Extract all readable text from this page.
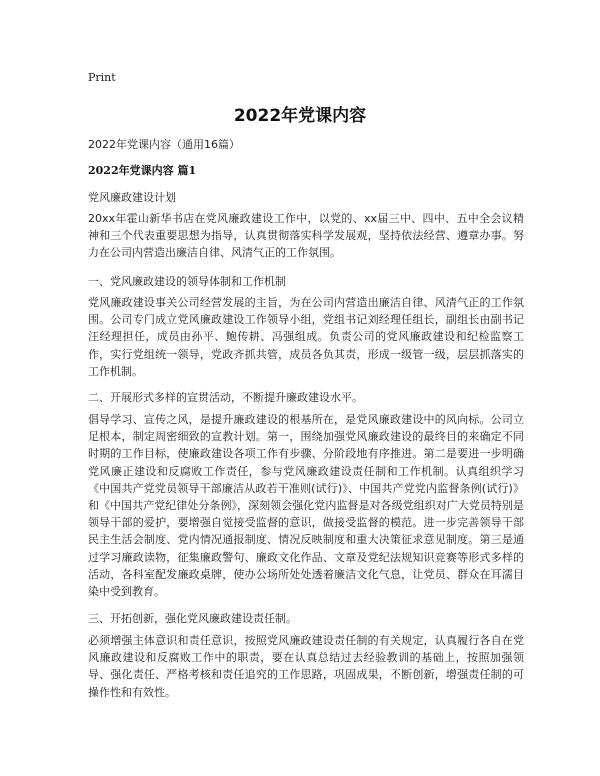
Print
2022年党课内容
2022年党课内容（通用16篇）
2022年党课内容 篇1
党风廉政建设计划
20xx年霍山新华书店在党风廉政建设工作中，以党的、xx届三中、四中、五中全会议精神和三个代表重要思想为指导，认真贯彻落实科学发展观，坚持依法经营、遵章办事。努力在公司内营造出廉洁自律、风清气正的工作氛围。
一、党风廉政建设的领导体制和工作机制
党风廉政建设事关公司经营发展的主旨，为在公司内营造出廉洁自律、风清气正的工作氛围。公司专门成立党风廉政建设工作领导小组，党组书记刘经理任组长，副组长由副书记汪经理担任，成员由孙平、鲍传耕、冯强组成。负责公司的党风廉政建设和纪检监察工作，实行党组统一领导，党政齐抓共管，成员各负其责，形成一级管一级，层层抓落实的工作机制。
二、开展形式多样的宣贯活动，不断提升廉政建设水平。
倡导学习、宣传之风，是提升廉政建设的根基所在，是党风廉政建设中的风向标。公司立足根本，制定周密细致的宣教计划。第一，围绕加强党风廉政建设的最终目的来确定不同时期的工作目标，使廉政建设各项工作有步骤、分阶段地有序推进。第二是要进一步明确党风廉正建设和反腐败工作责任，参与党风廉政建设责任制和工作机制。认真组织学习《中国共产党党员领导干部廉洁从政若干准则(试行)》、中国共产党党内监督条例(试行)》和《中国共产党纪律处分条例》，深刻领会强化党内监督是对各级党组织对广大党员特别是领导干部的爱护，要增强自觉接受监督的意识，做接受监督的模范。进一步完善领导干部民主生活会制度、党内情况通报制度、情况反映制度和重大决策征求意见制度。第三是通过学习廉政读物，征集廉政警句、廉政文化作品、文章及党纪法规知识竞赛等形式多样的活动，各科室配发廉政桌牌，使办公场所处处透着廉洁文化气息，让党员、群众在耳濡目染中受到教育。
三、开拓创新，强化党风廉政建设责任制。
必须增强主体意识和责任意识，按照党风廉政建设责任制的有关规定，认真履行各自在党风廉政建设和反腐败工作中的职责，要在认真总结过去经验教训的基础上，按照加强领导、强化责任、严格考核和责任追究的工作思路，巩固成果，不断创新，增强责任制的可操作性和有效性。
